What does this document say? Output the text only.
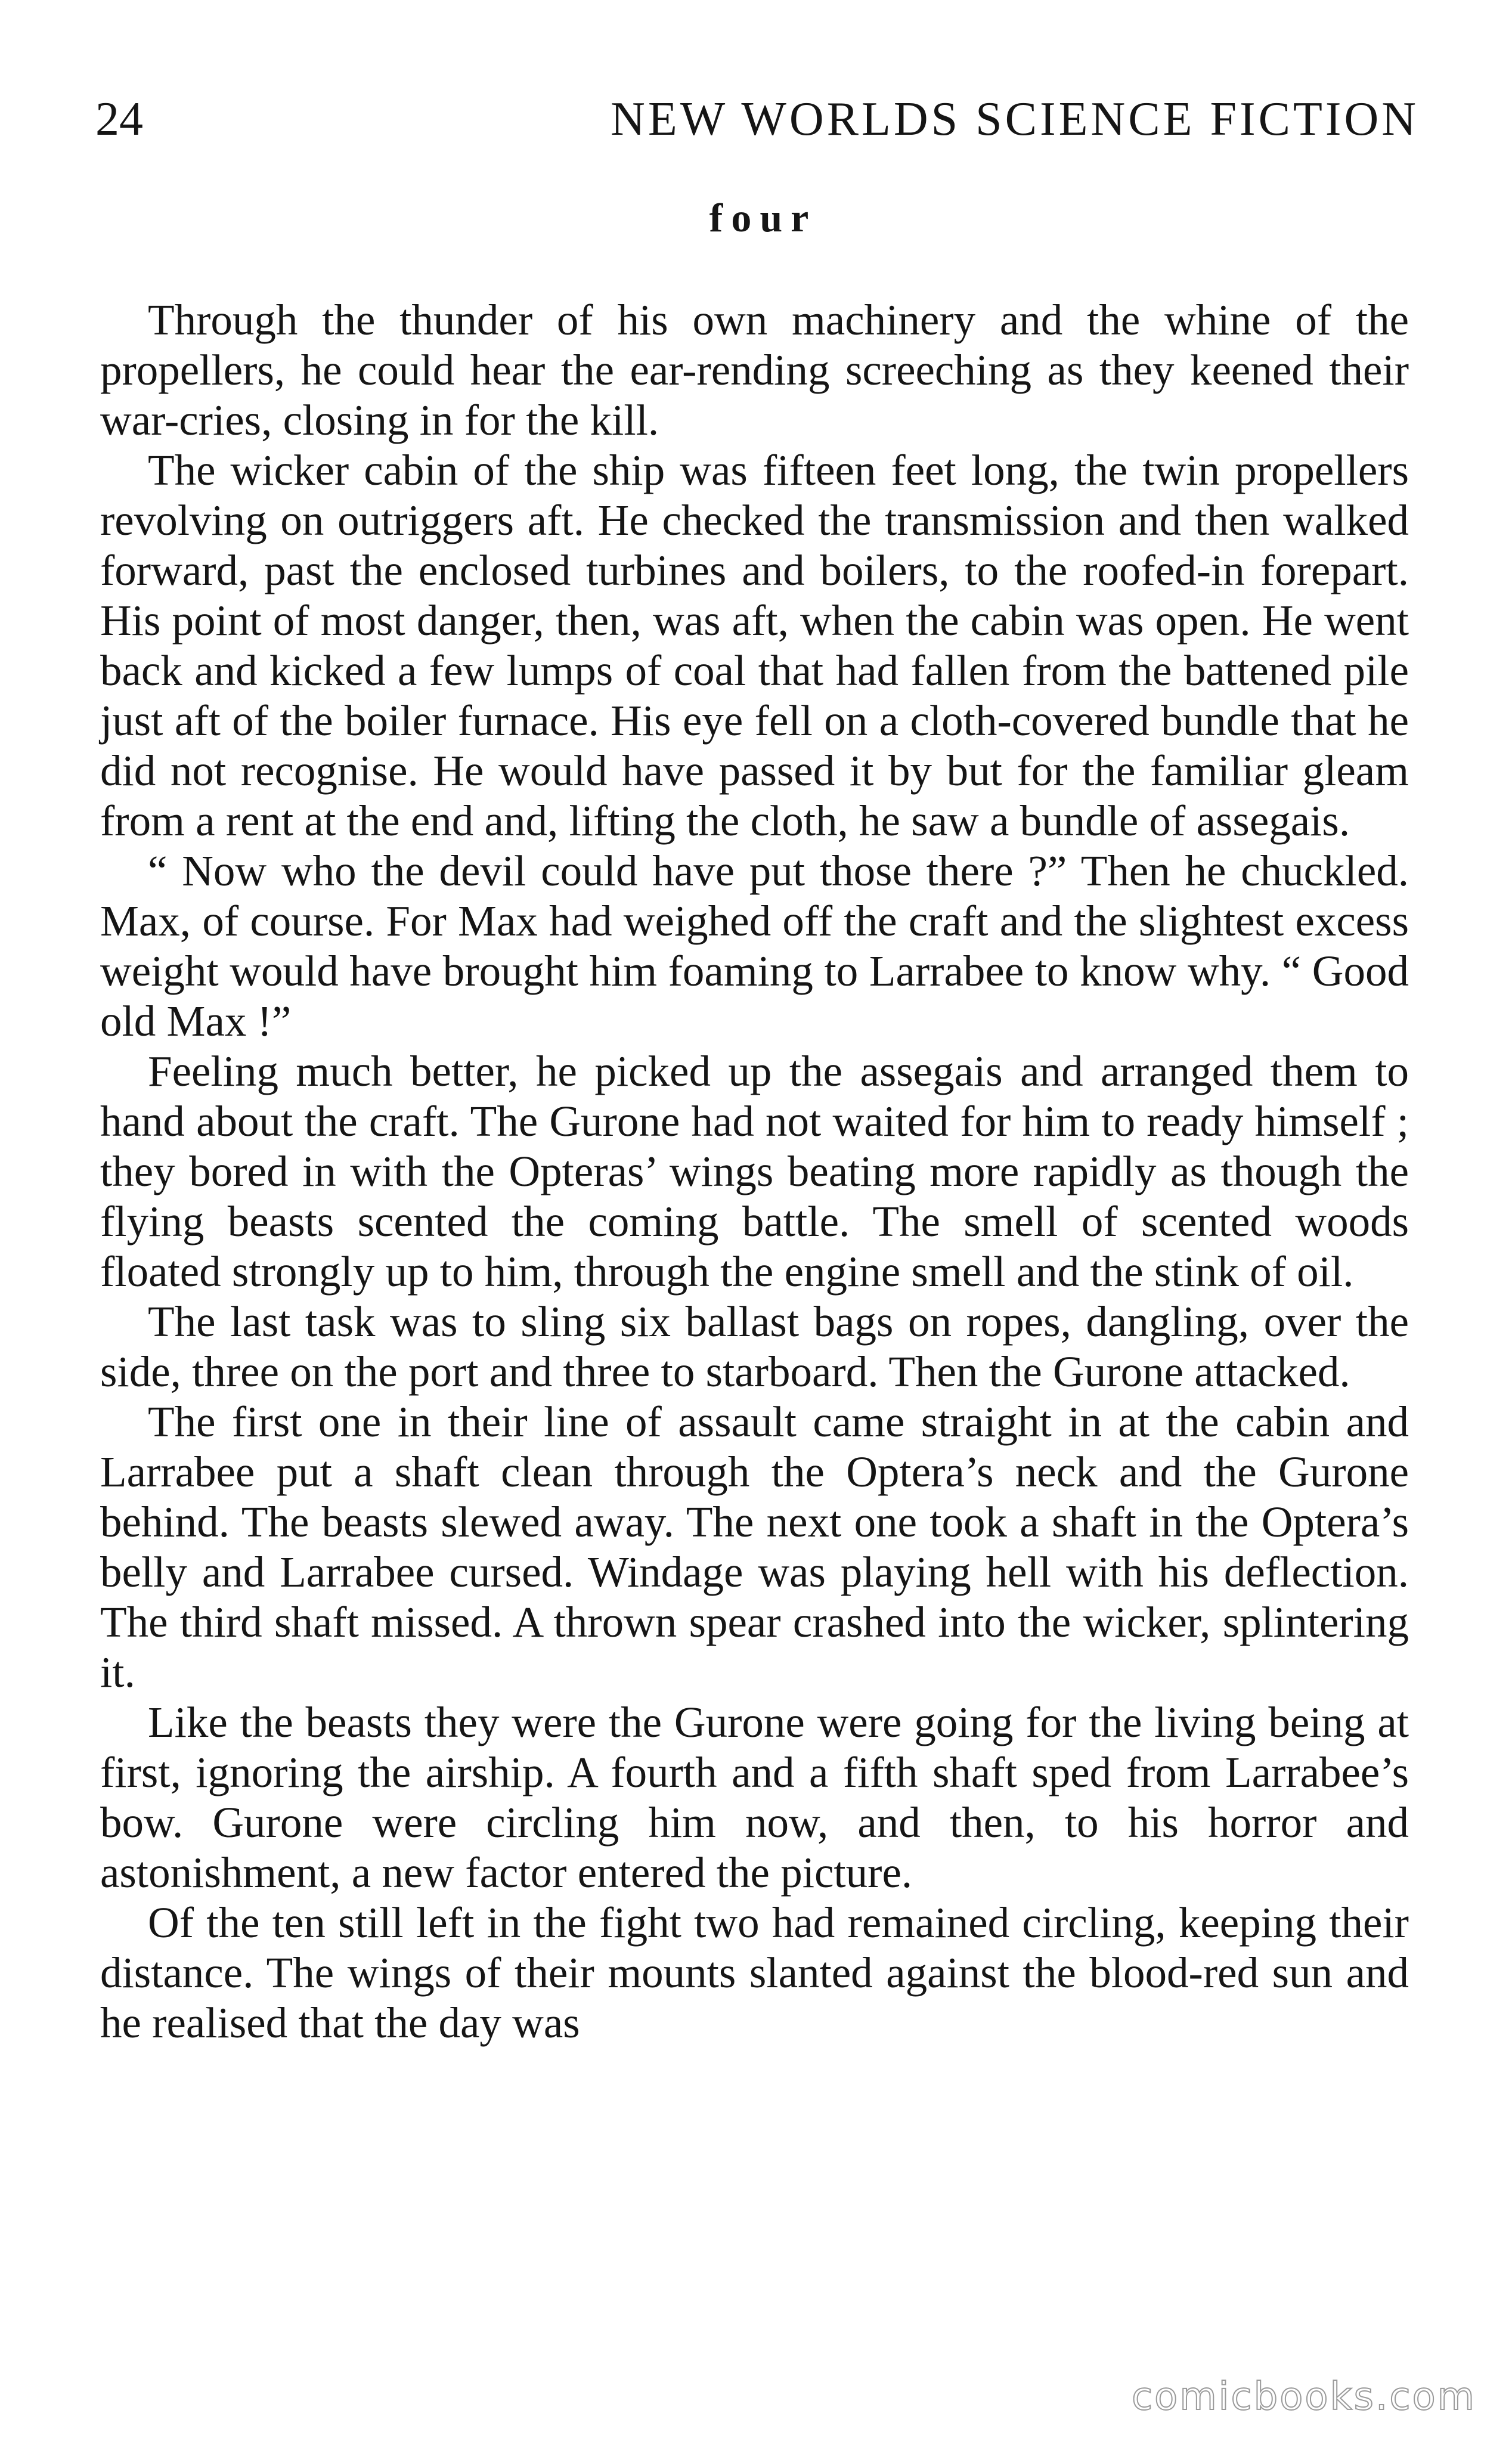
24	NEW WORLDS SCIENCE FICTION
four

Through the thunder of his own machinery and the whine of the propellers, he could hear the ear-rending screeching as they keened their war-cries, closing in for the kill.

The wicker cabin of the ship was fifteen feet long, the twin propellers revolving on outriggers aft. He checked the transmission and then walked forward, past the enclosed turbines and boilers, to the roofed-in forepart. His point of most danger, then, was aft, when the cabin was open. He went back and kicked a few lumps of coal that had fallen from the battened pile just aft of the boiler furnace. His eye fell on a cloth-covered bundle that he did not recognise. He would have passed it by but for the familiar gleam from a rent at the end and, lifting the cloth, he saw a bundle of assegais.

“ Now who the devil could have put those there ?” Then he chuckled. Max, of course. For Max had weighed off the craft and the slightest excess weight would have brought him foaming to Larrabee to know why. “ Good old Max !”

Feeling much better, he picked up the assegais and arranged them to hand about the craft. The Gurone had not waited for him to ready himself ; they bored in with the Opteras’ wings beating more rapidly as though the flying beasts scented the coming battle. The smell of scented woods floated strongly up to him, through the engine smell and the stink of oil.

The last task was to sling six ballast bags on ropes, dangling, over the side, three on the port and three to starboard. Then the Gurone attacked.

The first one in their line of assault came straight in at the cabin and Larrabee put a shaft clean through the Optera’s neck and the Gurone behind. The beasts slewed away. The next one took a shaft in the Optera’s belly and Larrabee cursed. Windage was playing hell with his deflection. The third shaft missed. A thrown spear crashed into the wicker, splintering it.

Like the beasts they were the Gurone were going for the living being at first, ignoring the airship. A fourth and a fifth shaft sped from Larrabee’s bow. Gurone were circling him now, and then, to his horror and astonishment, a new factor entered the picture.

Of the ten still left in the fight two had remained circling, keeping their distance. The wings of their mounts slanted against the blood-red sun and he realised that the day was

comicbooks.com
